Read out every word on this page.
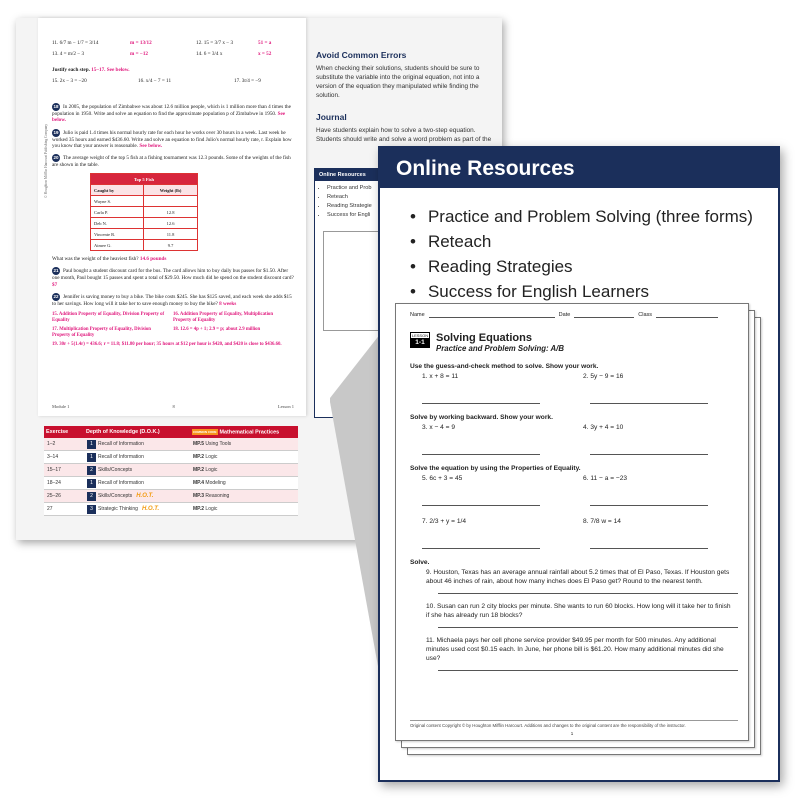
© Houghton Mifflin Harcourt Publishing Company
11. 6/7 m − 1/7 = 3/14	m = 13/12	12. 15 = 3/7 x − 3	51 = a
13. 4 = m/2 − 3	m = −12	14. 6 = 3/4 x	x = 52

Justify each step. 15–17. See below.

15. 2x − 3 = −20	16. x/4 − 7 = 11	17. 3t/4 = −9

18 In 2005, the population of Zimbabwe was about 12.6 million people, which is 1 million more than 4 times the population in 1950. Write and solve an equation to find the approximate population p of Zimbabwe in 1950. See below.

19 Julio is paid 1.4 times his normal hourly rate for each hour he works over 30 hours in a week. Last week he worked 35 hours and earned $436.60. Write and solve an equation to find Julio's normal hourly rate, r. Explain how you know that your answer is reasonable. See below.

20 The average weight of the top 5 fish at a fishing tournament was 12.3 pounds. Some of the weights of the fish are shown in the table.

Top 5 Fish	
Caught by	Weight (lb)
Wayne S.	
Carla P.	12.8
Deb N.	12.6
Vincente R.	11.8
Aimee G.	9.7

What was the weight of the heaviest fish? 14.6 pounds

21 Paul bought a student discount card for the bus. The card allows him to buy daily bus passes for $1.50. After one month, Paul bought 15 passes and spent a total of $29.50. How much did he spend on the student discount card? $7

22 Jennifer is saving money to buy a bike. The bike costs $245. She has $125 saved, and each week she adds $15 to her savings. How long will it take her to save enough money to buy the bike? 8 weeks

15. Addition Property of Equality, Division Property of Equality
16. Addition Property of Equality, Multiplication Property of Equality
17. Multiplication Property of Equality, Division Property of Equality
18. 12.6 = 4p + 1; 2.9 = p; about 2.9 million
19. 30r + 5(1.4r) = 436.6; r = 11.8; $11.80 per hour; 35 hours at $12 per hour is $420, and $420 is close to $436.60.
Module 1	8	Lesson 1
Exercise	Depth of Knowledge (D.O.K.)	COMMON CORE Mathematical Practices
1–2	1 Recall of Information	MP.5 Using Tools
3–14	1 Recall of Information	MP.2 Logic
15–17	2 Skills/Concepts	MP.2 Logic
18–24	1 Recall of Information	MP.4 Modeling
25–26	2 Skills/Concepts H.O.T.	MP.3 Reasoning
27	3 Strategic Thinking H.O.T.	MP.2 Logic
Avoid Common Errors
When checking their solutions, students should be sure to substitute the variable into the original equation, not into a version of the equation they manipulated while finding the solution.
Journal
Have students explain how to solve a two-step equation. Students should write and solve a word problem as part of the
Online Resources
• Practice and Prob
• Reteach
• Reading Strategie
• Success for Engli
Online Resources
• Practice and Problem Solving (three forms)
• Reteach
• Reading Strategies
• Success for English Learners
Name	Date	Class
LESSON
1-1	Solving Equations
Practice and Problem Solving: A/B
Use the guess-and-check method to solve. Show your work.
1. x + 8 = 11	2. 5y − 9 = 16
Solve by working backward. Show your work.
3. x − 4 = 9	4. 3y + 4 = 10
Solve the equation by using the Properties of Equality.
5. 6c + 3 = 45	6. 11 − a = −23
7. 2/3 + y = 1/4	8. 7/8 w = 14
Solve.
9. Houston, Texas has an average annual rainfall about 5.2 times that of El Paso, Texas. If Houston gets about 46 inches of rain, about how many inches does El Paso get? Round to the nearest tenth.
10. Susan can run 2 city blocks per minute. She wants to run 60 blocks. How long will it take her to finish if she has already run 18 blocks?
11. Michaela pays her cell phone service provider $49.95 per month for 500 minutes. Any additional minutes used cost $0.15 each. In June, her phone bill is $61.20. How many additional minutes did she use?
Original content Copyright © by Houghton Mifflin Harcourt. Additions and changes to the original content are the responsibility of the instructor.
1
